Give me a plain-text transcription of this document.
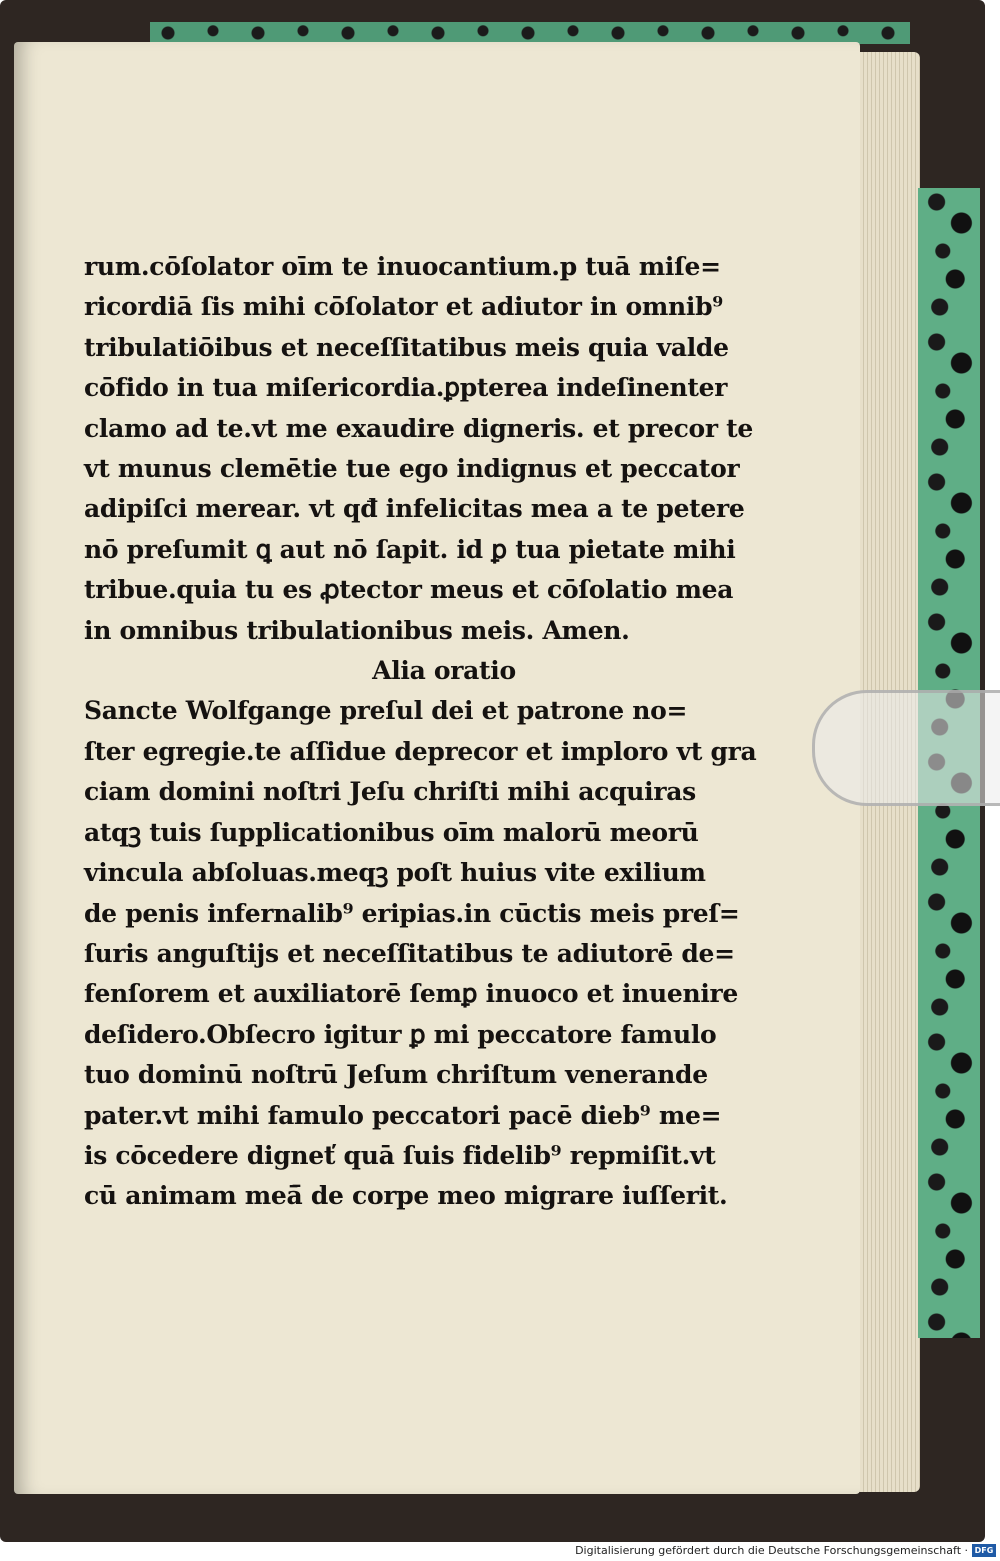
rum.cōſolator oīm te inuocantium.p tuā miſe=
ricordiā ſis mihi cōſolator et adiutor in omnib⁹
tribulatiōibus et neceſſitatibus meis quia valde
cōfido in tua miſericordia.ꝑpterea indeſinenter
clamo ad te.vt me exaudire digneris. et precor te
vt munus clemētie tue ego indignus et peccator
adipiſci merear. vt qđ infelicitas mea a te petere
nō preſumit ꝗ aut nō ſapit. id ꝑ tua pietate mihi
tribue.quia tu es ꝓtector meus et cōſolatio mea
in omnibus tribulationibus meis. Amen.
Alia oratio
Sancte Wolfgange preſul dei et patrone no=
ſter egregie.te aſſidue deprecor et imploro vt gra
ciam domini noſtri Jeſu chriſti mihi acquiras
atqꝫ tuis ſupplicationibus oīm malorū meorū
vincula abſoluas.meqꝫ poſt huius vite exilium
de penis infernalib⁹ eripias.in cūctis meis preſ=
ſuris anguſtijs et neceſſitatibus te adiutorē de=
fenſorem et auxiliatorē ſemꝑ inuoco et inuenire
deſidero.Obſecro igitur ꝑ mi peccatore famulo
tuo dominū noſtrū Jeſum chriſtum venerande
pater.vt mihi famulo peccatori pacē dieb⁹ me=
is cōcedere digneť quā ſuis fidelib⁹ repmiſit.vt
cū animam meā̄ de corpe meo migrare iuſſerit.
Digitalisierung gefördert durch die Deutsche Forschungsgemeinschaft · DFG
